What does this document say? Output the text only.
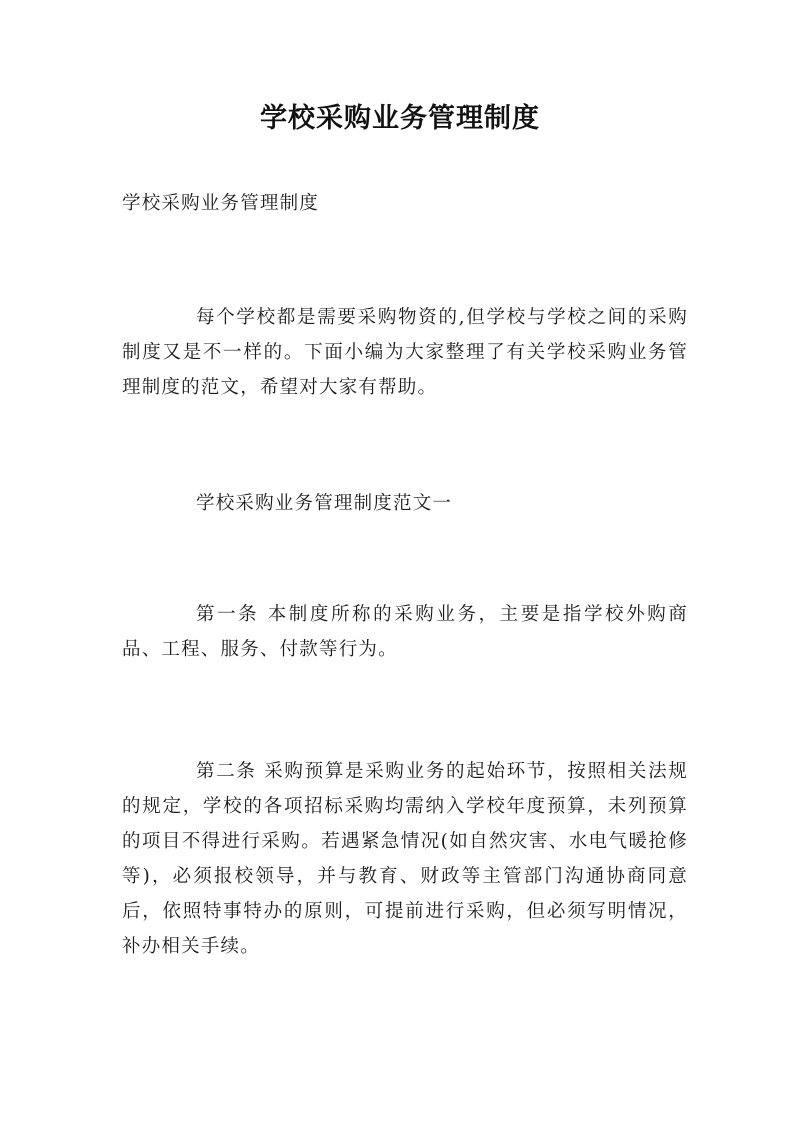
学校采购业务管理制度
学校采购业务管理制度

每个学校都是需要采购物资的,但学校与学校之间的采购制度又是不一样的。下面小编为大家整理了有关学校采购业务管理制度的范文，希望对大家有帮助。

学校采购业务管理制度范文一

第一条 本制度所称的采购业务，主要是指学校外购商品、工程、服务、付款等行为。

第二条 采购预算是采购业务的起始环节，按照相关法规的规定，学校的各项招标采购均需纳入学校年度预算，未列预算的项目不得进行采购。若遇紧急情况(如自然灾害、水电气暖抢修等)，必须报校领导，并与教育、财政等主管部门沟通协商同意后，依照特事特办的原则，可提前进行采购，但必须写明情况，补办相关手续。
